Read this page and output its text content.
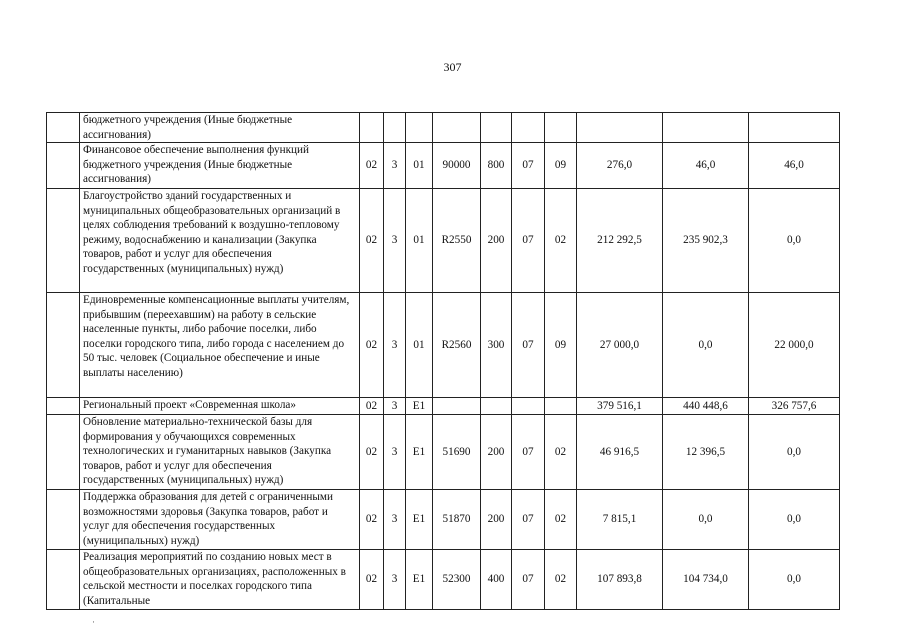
307
	бюджетного учреждения (Иные бюджетные ассигнования)										
	Финансовое обеспечение выполнения функций бюджетного учреждения (Иные бюджетные ассигнования)	02	3	01	90000	800	07	09	276,0	46,0	46,0
	Благоустройство зданий государственных и муниципальных общеобразовательных организаций в целях соблюдения требований к воздушно-тепловому режиму, водоснабжению и канализации (Закупка товаров, работ и услуг для обеспечения государственных (муниципальных) нужд)	02	3	01	R2550	200	07	02	212 292,5	235 902,3	0,0
	Единовременные компенсационные выплаты учителям, прибывшим (переехавшим) на работу в сельские населенные пункты, либо рабочие поселки, либо поселки городского типа, либо города с населением до 50 тыс. человек (Социальное обеспечение и иные выплаты населению)	02	3	01	R2560	300	07	09	27 000,0	0,0	22 000,0
	Региональный проект «Современная школа»	02	3	E1					379 516,1	440 448,6	326 757,6
	Обновление материально-технической базы для формирования у обучающихся современных технологических и гуманитарных навыков (Закупка товаров, работ и услуг для обеспечения государственных (муниципальных) нужд)	02	3	E1	51690	200	07	02	46 916,5	12 396,5	0,0
	Поддержка образования для детей с ограниченными возможностями здоровья (Закупка товаров, работ и услуг для обеспечения государственных (муниципальных) нужд)	02	3	E1	51870	200	07	02	7 815,1	0,0	0,0
	Реализация мероприятий по созданию новых мест в общеобразовательных организациях, расположенных в сельской местности и поселках городского типа (Капитальные	02	3	E1	52300	400	07	02	107 893,8	104 734,0	0,0
·
